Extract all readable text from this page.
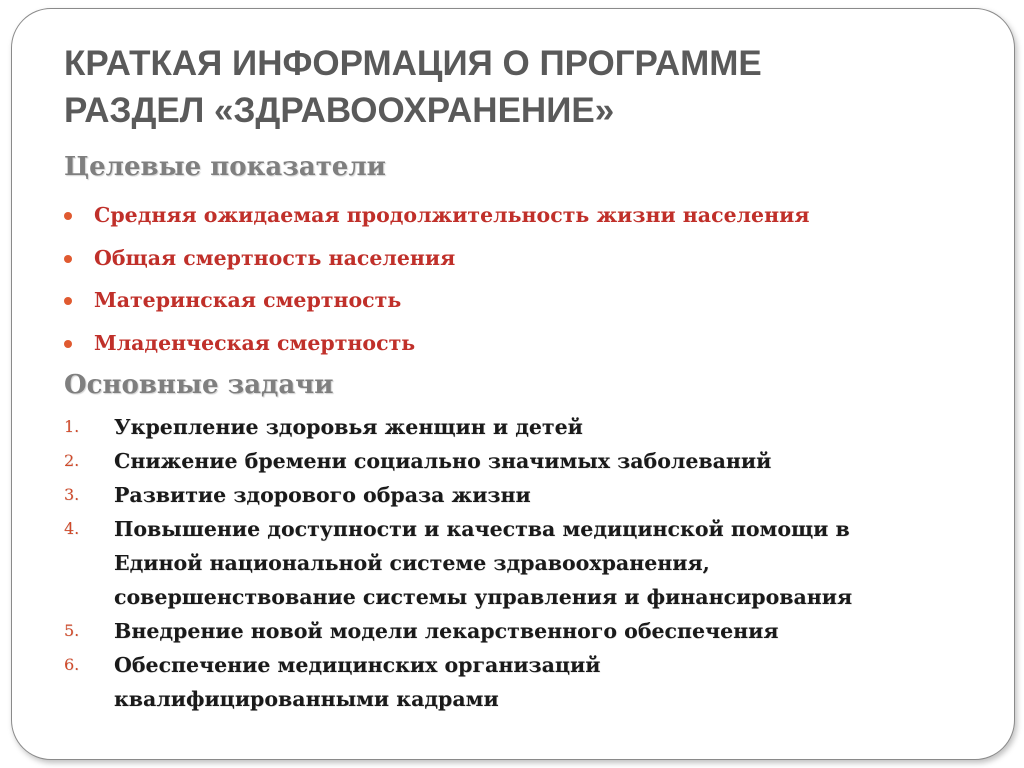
КРАТКАЯ ИНФОРМАЦИЯ О ПРОГРАММЕ
РАЗДЕЛ «ЗДРАВООХРАНЕНИЕ»
Целевые показатели
Средняя ожидаемая продолжительность жизни населения
Общая смертность населения
Материнская смертность
Младенческая смертность
Основные задачи
1. Укрепление здоровья женщин и детей
2. Снижение бремени социально значимых заболеваний
3. Развитие здорового образа жизни
4. Повышение доступности и качества медицинской помощи в
Единой национальной системе здравоохранения,
совершенствование системы управления и финансирования
5. Внедрение новой модели лекарственного обеспечения
6. Обеспечение медицинских организаций
квалифицированными кадрами
